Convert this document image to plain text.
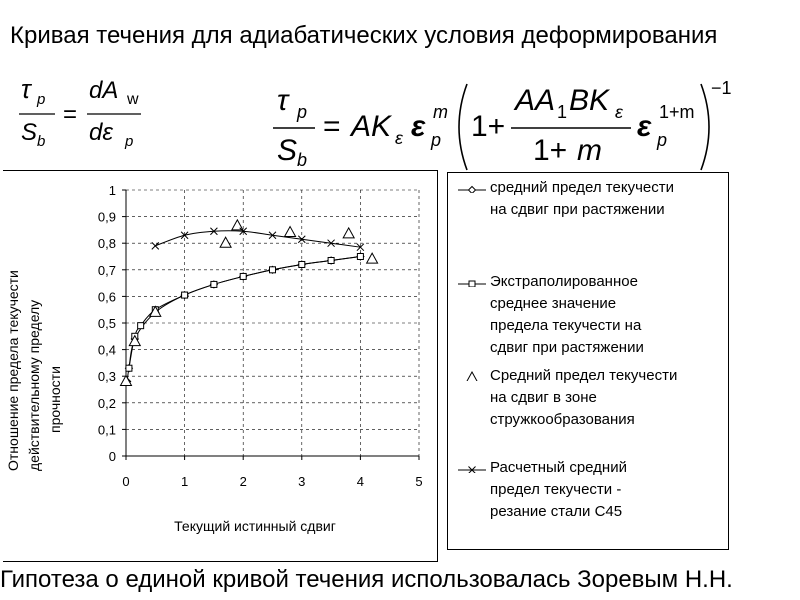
Кривая течения для адиабатических условия деформирования
τ p
S b
=
dA w
dε p
τ p
S b
= AK ε ε m
p 1+
AA 1 BK ε
1+ m
ε 1+m
p
−1
Отношение предела текучести действительному пределу прочности
Текущий истинный сдвиг
0
0,1
0,2
0,3
0,4
0,5
0,6
0,7
0,8
0,9
1
0	1	2	3	4	5
средний предел текучести
на сдвиг при растяжении
Экстраполированное
среднее значение
предела текучести на
сдвиг при растяжении
Средний предел текучести
на сдвиг в зоне
стружкообразования
Расчетный средний
предел текучести -
резание стали С45
Гипотеза о единой кривой течения использовалась Зоревым Н.Н.
